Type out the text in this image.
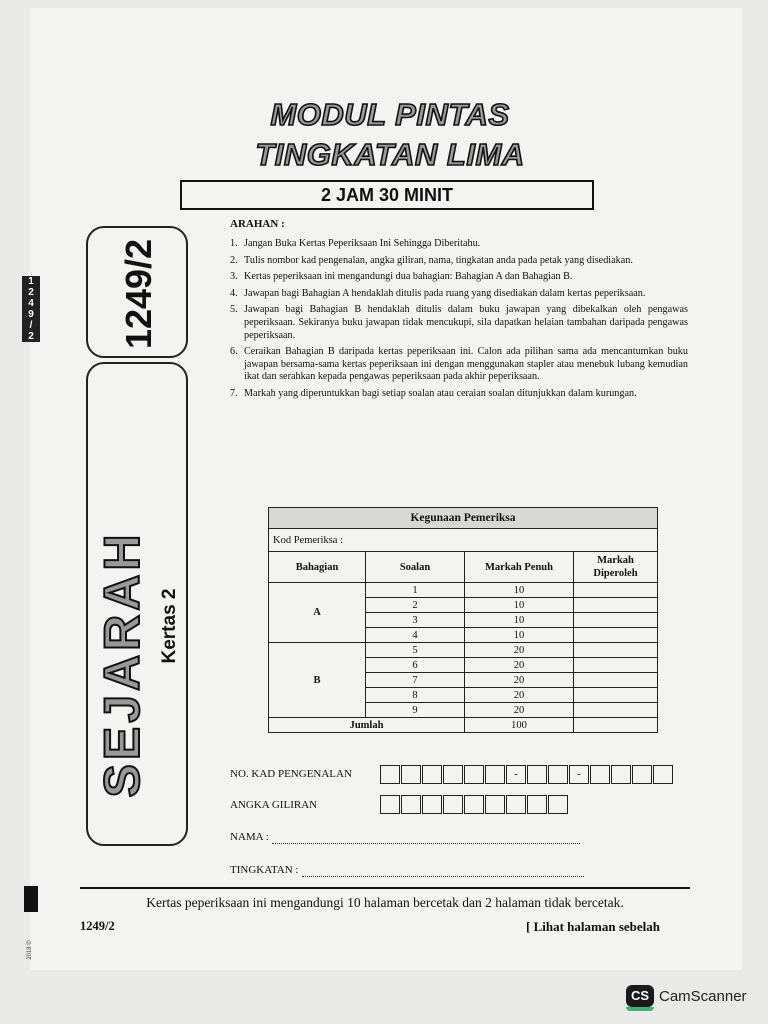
1
2
4
9
/
2
2018 ©
MODUL PINTAS
TINGKATAN LIMA
2 JAM 30 MINIT
1249/2
SEJARAH Kertas 2
ARAHAN :
1. Jangan Buka Kertas Peperiksaan Ini Sehingga Diberitahu.
2. Tulis nombor kad pengenalan, angka giliran, nama, tingkatan anda pada petak yang disediakan.
3. Kertas peperiksaan ini mengandungi dua bahagian: Bahagian A dan Bahagian B.
4. Jawapan bagi Bahagian A hendaklah ditulis pada ruang yang disediakan dalam kertas peperiksaan.
5. Jawapan bagi Bahagian B hendaklah ditulis dalam buku jawapan yang dibekalkan oleh pengawas peperiksaan. Sekiranya buku jawapan tidak mencukupi, sila dapatkan helaian tambahan daripada pengawas peperiksaan.
6. Ceraikan Bahagian B daripada kertas peperiksaan ini. Calon ada pilihan sama ada mencantumkan buku jawapan bersama-sama kertas peperiksaan ini dengan menggunakan stapler atau menebuk lubang kemudian ikat dan serahkan kepada pengawas peperiksaan pada akhir peperiksaan.
7. Markah yang diperuntukkan bagi setiap soalan atau ceraian soalan ditunjukkan dalam kurungan.
Kegunaan Pemeriksa			
Kod Pemeriksa :			
Bahagian	Soalan	Markah Penuh	Markah Diperoleh
A	1	10	
	2	10	
	3	10	
	4	10	
B	5	20	
	6	20	
	7	20	
	8	20	
	9	20	
Jumlah		100	
NO. KAD PENGENALAN	-	-
ANGKA GILIRAN
NAMA :
TINGKATAN :
Kertas peperiksaan ini mengandungi 10 halaman bercetak dan 2 halaman tidak bercetak.
1249/2	[ Lihat halaman sebelah
CS CamScanner
